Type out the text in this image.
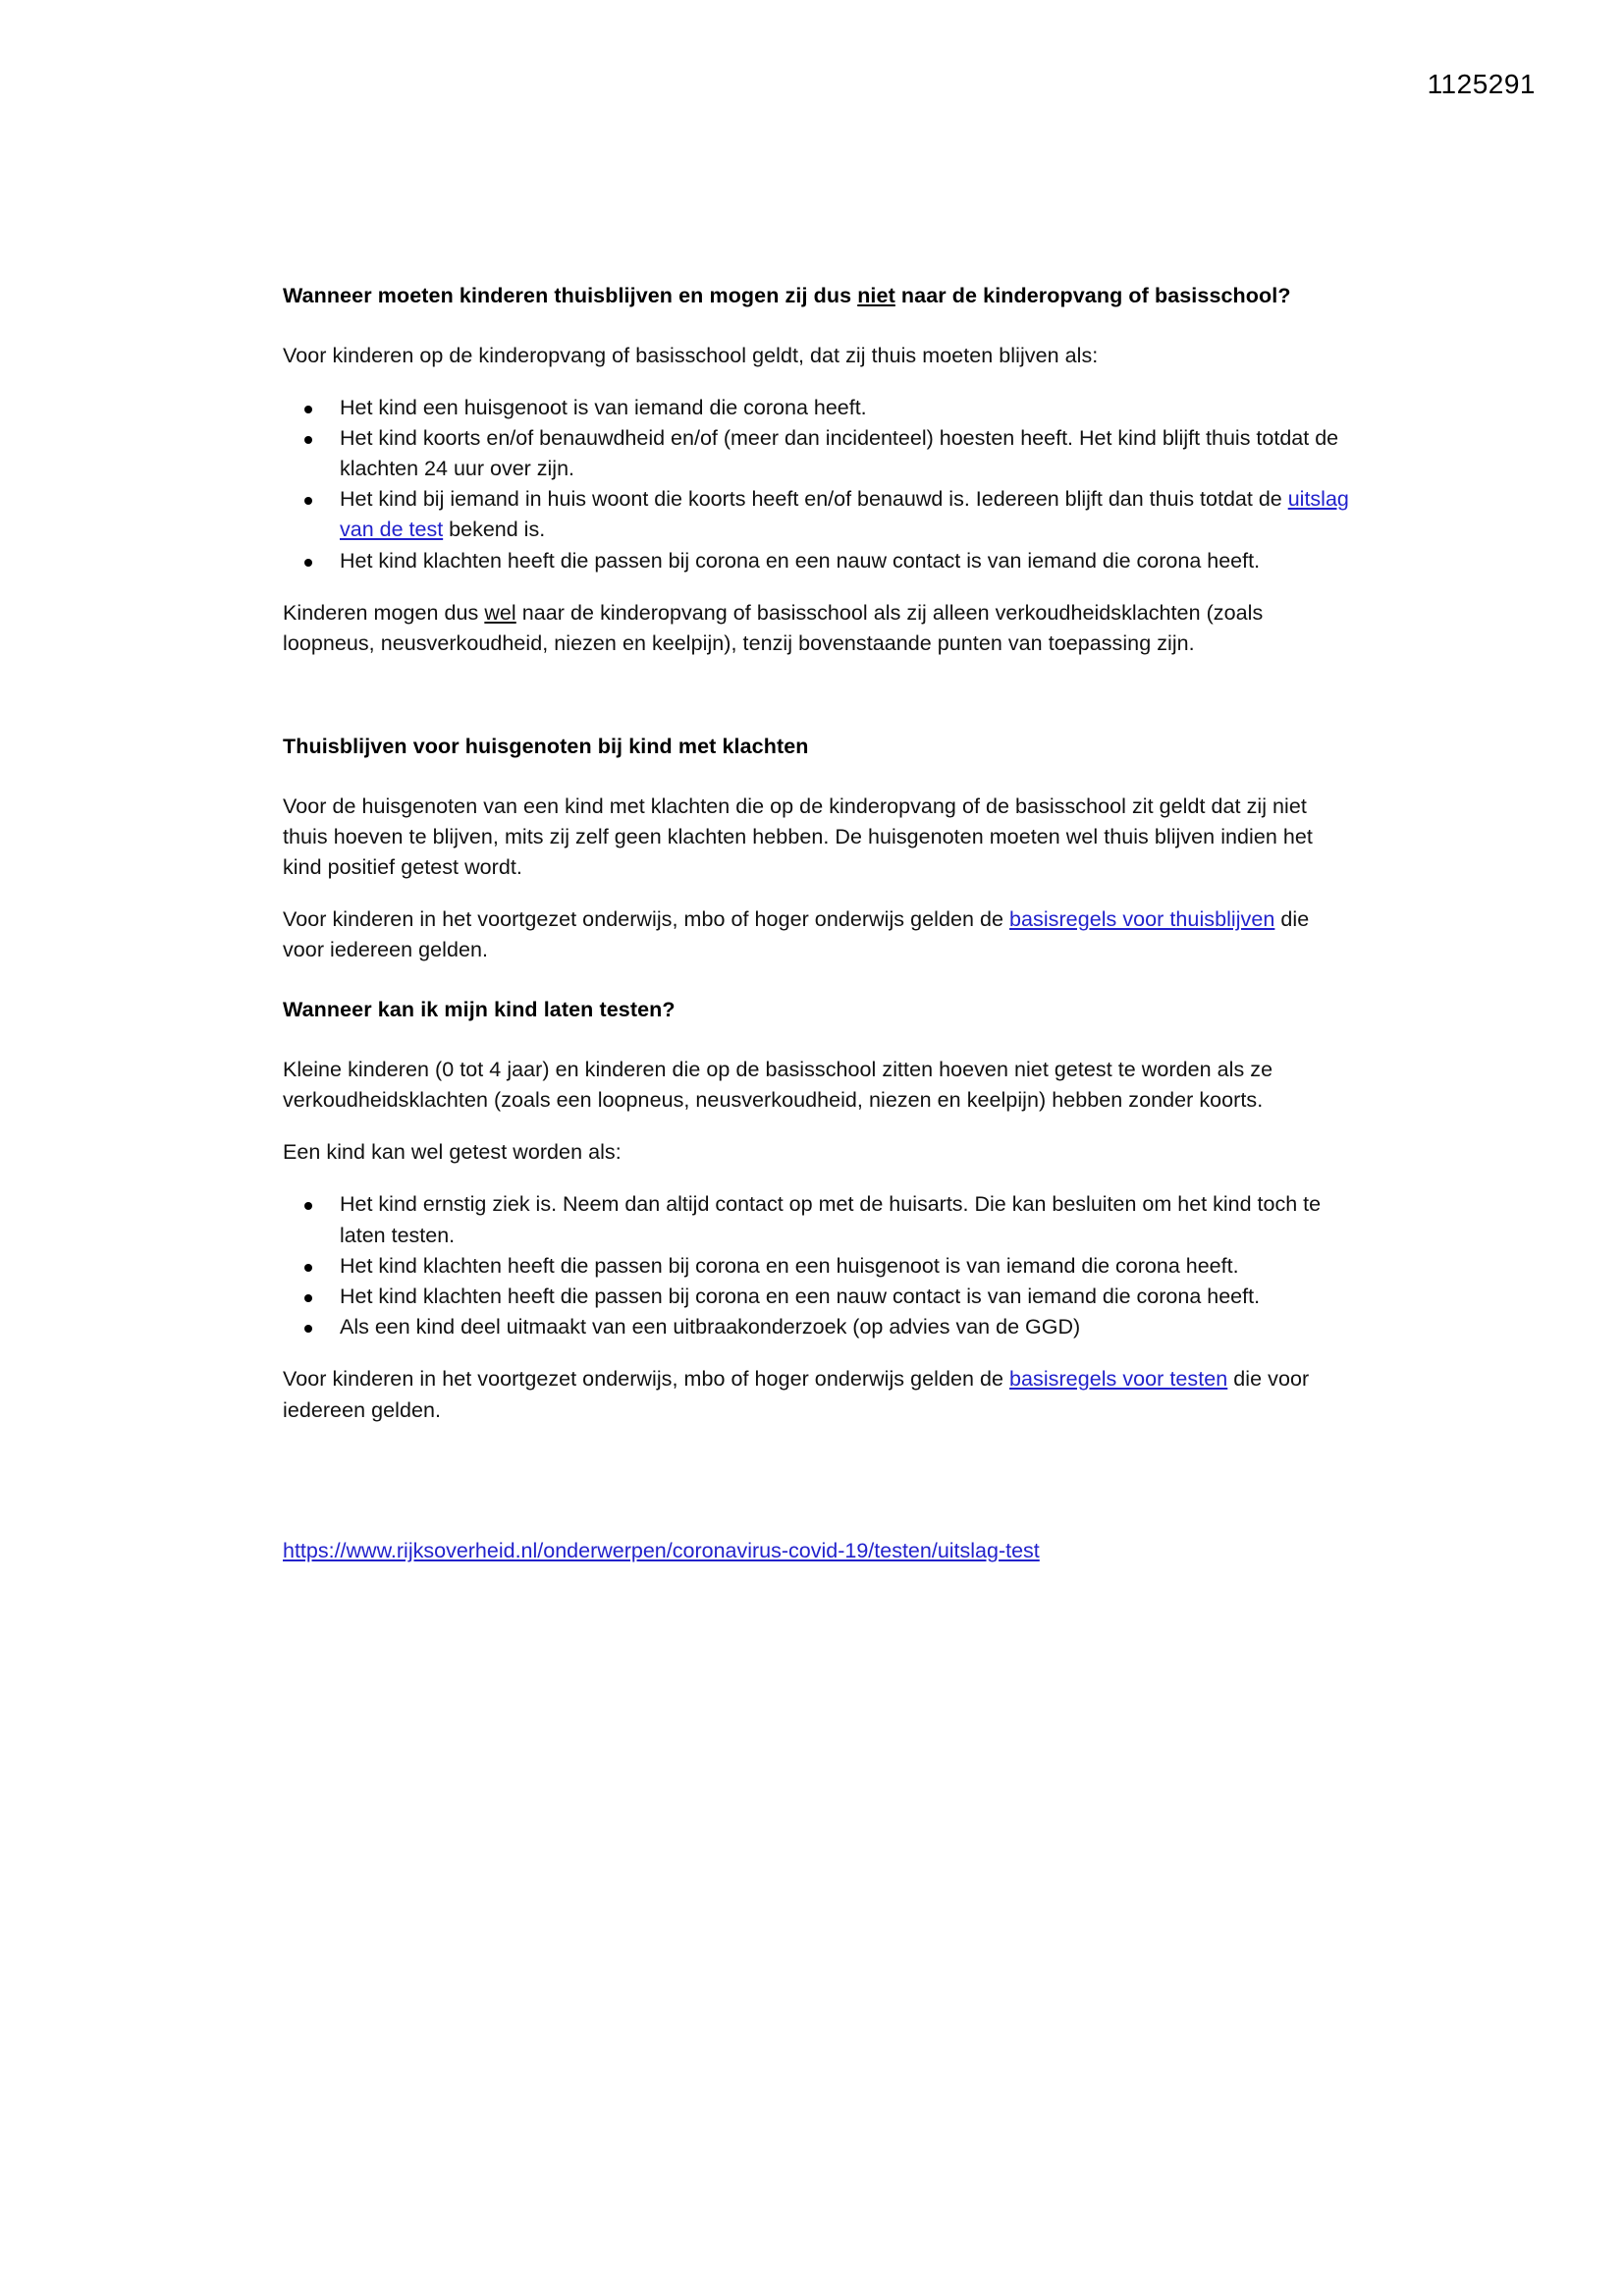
1125291
Wanneer moeten kinderen thuisblijven en mogen zij dus niet naar de kinderopvang of basisschool?

Voor kinderen op de kinderopvang of basisschool geldt, dat zij thuis moeten blijven als:

Het kind een huisgenoot is van iemand die corona heeft.
Het kind koorts en/of benauwdheid en/of (meer dan incidenteel) hoesten heeft. Het kind blijft thuis totdat de klachten 24 uur over zijn.
Het kind bij iemand in huis woont die koorts heeft en/of benauwd is. Iedereen blijft dan thuis totdat de uitslag van de test bekend is.
Het kind klachten heeft die passen bij corona en een nauw contact is van iemand die corona heeft.

Kinderen mogen dus wel naar de kinderopvang of basisschool als zij alleen verkoudheidsklachten (zoals loopneus, neusverkoudheid, niezen en keelpijn), tenzij bovenstaande punten van toepassing zijn.

Thuisblijven voor huisgenoten bij kind met klachten

Voor de huisgenoten van een kind met klachten die op de kinderopvang of de basisschool zit geldt dat zij niet thuis hoeven te blijven, mits zij zelf geen klachten hebben. De huisgenoten moeten wel thuis blijven indien het kind positief getest wordt.

Voor kinderen in het voortgezet onderwijs, mbo of hoger onderwijs gelden de basisregels voor thuisblijven die voor iedereen gelden.

Wanneer kan ik mijn kind laten testen?

Kleine kinderen (0 tot 4 jaar) en kinderen die op de basisschool zitten hoeven niet getest te worden als ze verkoudheidsklachten (zoals een loopneus, neusverkoudheid, niezen en keelpijn) hebben zonder koorts.

Een kind kan wel getest worden als:

Het kind ernstig ziek is. Neem dan altijd contact op met de huisarts. Die kan besluiten om het kind toch te laten testen.
Het kind klachten heeft die passen bij corona en een huisgenoot is van iemand die corona heeft.
Het kind klachten heeft die passen bij corona en een nauw contact is van iemand die corona heeft.
Als een kind deel uitmaakt van een uitbraakonderzoek (op advies van de GGD)

Voor kinderen in het voortgezet onderwijs, mbo of hoger onderwijs gelden de basisregels voor testen die voor iedereen gelden.

https://www.rijksoverheid.nl/onderwerpen/coronavirus-covid-19/testen/uitslag-test
